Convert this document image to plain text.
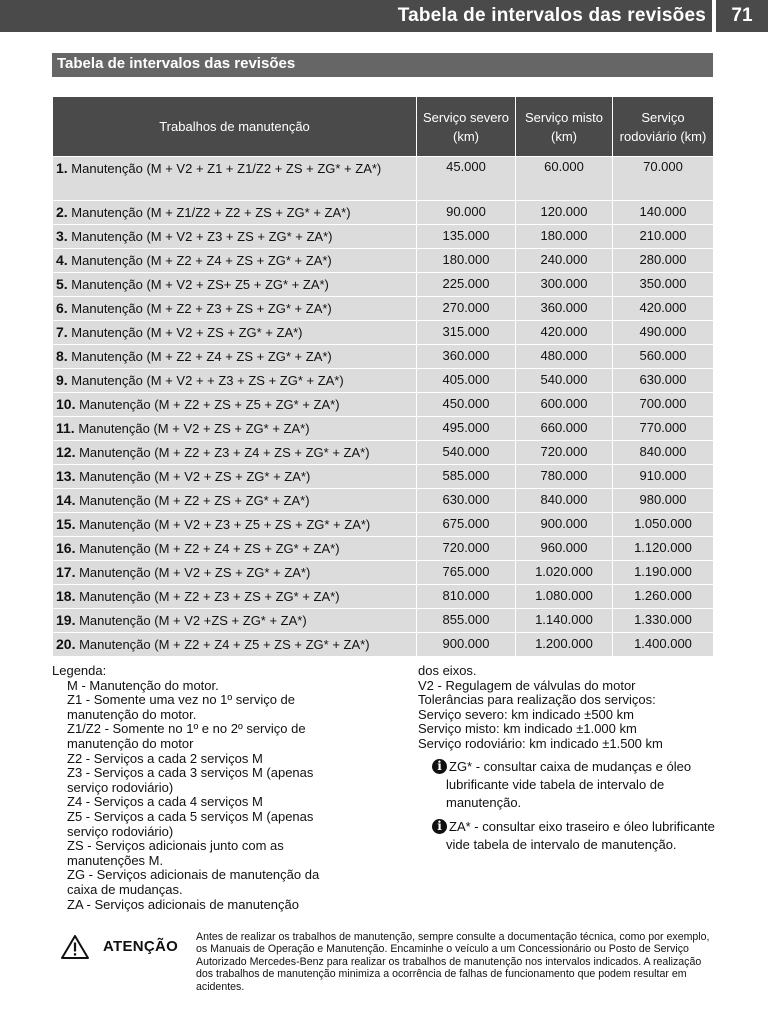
Tabela de intervalos das revisões	71
Tabela de intervalos das revisões
Trabalhos de manutenção	Serviço severo (km)	Serviço misto (km)	Serviço rodoviário (km)
1. Manutenção (M + V2 + Z1 + Z1/Z2 + ZS + ZG* + ZA*)	45.000	60.000	70.000
2. Manutenção (M + Z1/Z2 + Z2 + ZS + ZG* + ZA*)	90.000	120.000	140.000
3. Manutenção (M + V2 + Z3 + ZS + ZG* + ZA*)	135.000	180.000	210.000
4. Manutenção (M + Z2 + Z4 + ZS + ZG* + ZA*)	180.000	240.000	280.000
5. Manutenção (M + V2 + ZS+ Z5 + ZG* + ZA*)	225.000	300.000	350.000
6. Manutenção (M + Z2 + Z3 + ZS + ZG* + ZA*)	270.000	360.000	420.000
7. Manutenção (M + V2 + ZS + ZG* + ZA*)	315.000	420.000	490.000
8. Manutenção (M + Z2 + Z4 + ZS + ZG* + ZA*)	360.000	480.000	560.000
9. Manutenção (M + V2 + + Z3 + ZS + ZG* + ZA*)	405.000	540.000	630.000
10. Manutenção (M + Z2 + ZS + Z5 + ZG* + ZA*)	450.000	600.000	700.000
11. Manutenção (M + V2 + ZS + ZG* + ZA*)	495.000	660.000	770.000
12. Manutenção (M + Z2 + Z3 + Z4 + ZS + ZG* + ZA*)	540.000	720.000	840.000
13. Manutenção (M + V2 + ZS + ZG* + ZA*)	585.000	780.000	910.000
14. Manutenção (M + Z2 + ZS + ZG* + ZA*)	630.000	840.000	980.000
15. Manutenção (M + V2 + Z3 + Z5 + ZS + ZG* + ZA*)	675.000	900.000	1.050.000
16. Manutenção (M + Z2 + Z4 + ZS + ZG* + ZA*)	720.000	960.000	1.120.000
17. Manutenção (M + V2 + ZS + ZG* + ZA*)	765.000	1.020.000	1.190.000
18. Manutenção (M + Z2 + Z3 + ZS + ZG* + ZA*)	810.000	1.080.000	1.260.000
19. Manutenção (M + V2 +ZS + ZG* + ZA*)	855.000	1.140.000	1.330.000
20. Manutenção (M + Z2 + Z4 + Z5 + ZS + ZG* + ZA*)	900.000	1.200.000	1.400.000
Legenda:
M - Manutenção do motor.
Z1 - Somente uma vez no 1º serviço de manutenção do motor.
Z1/Z2 - Somente no 1º e no 2º serviço de manutenção do motor
Z2 - Serviços a cada 2 serviços M
Z3 - Serviços a cada 3 serviços M (apenas serviço rodoviário)
Z4 - Serviços a cada 4 serviços M
Z5 - Serviços a cada 5 serviços M (apenas serviço rodoviário)
ZS - Serviços adicionais junto com as manutenções M.
ZG - Serviços adicionais de manutenção da caixa de mudanças.
ZA - Serviços adicionais de manutenção
dos eixos.
V2 - Regulagem de válvulas do motor
Tolerâncias para realização dos serviços:
Serviço severo: km indicado ±500 km
Serviço misto: km indicado ±1.000 km
Serviço rodoviário: km indicado ±1.500 km
i ZG* - consultar caixa de mudanças e óleo lubrificante vide tabela de intervalo de manutenção.
i ZA* - consultar eixo traseiro e óleo lubrificante vide tabela de intervalo de manutenção.
ATENÇÃO
Antes de realizar os trabalhos de manutenção, sempre consulte a documentação técnica, como por exemplo, os Manuais de Operação e Manutenção. Encaminhe o veículo a um Concessionário ou Posto de Serviço Autorizado Mercedes-Benz para realizar os trabalhos de manutenção nos intervalos indicados. A realização dos trabalhos de manutenção minimiza a ocorrência de falhas de funcionamento que podem resultar em acidentes.
